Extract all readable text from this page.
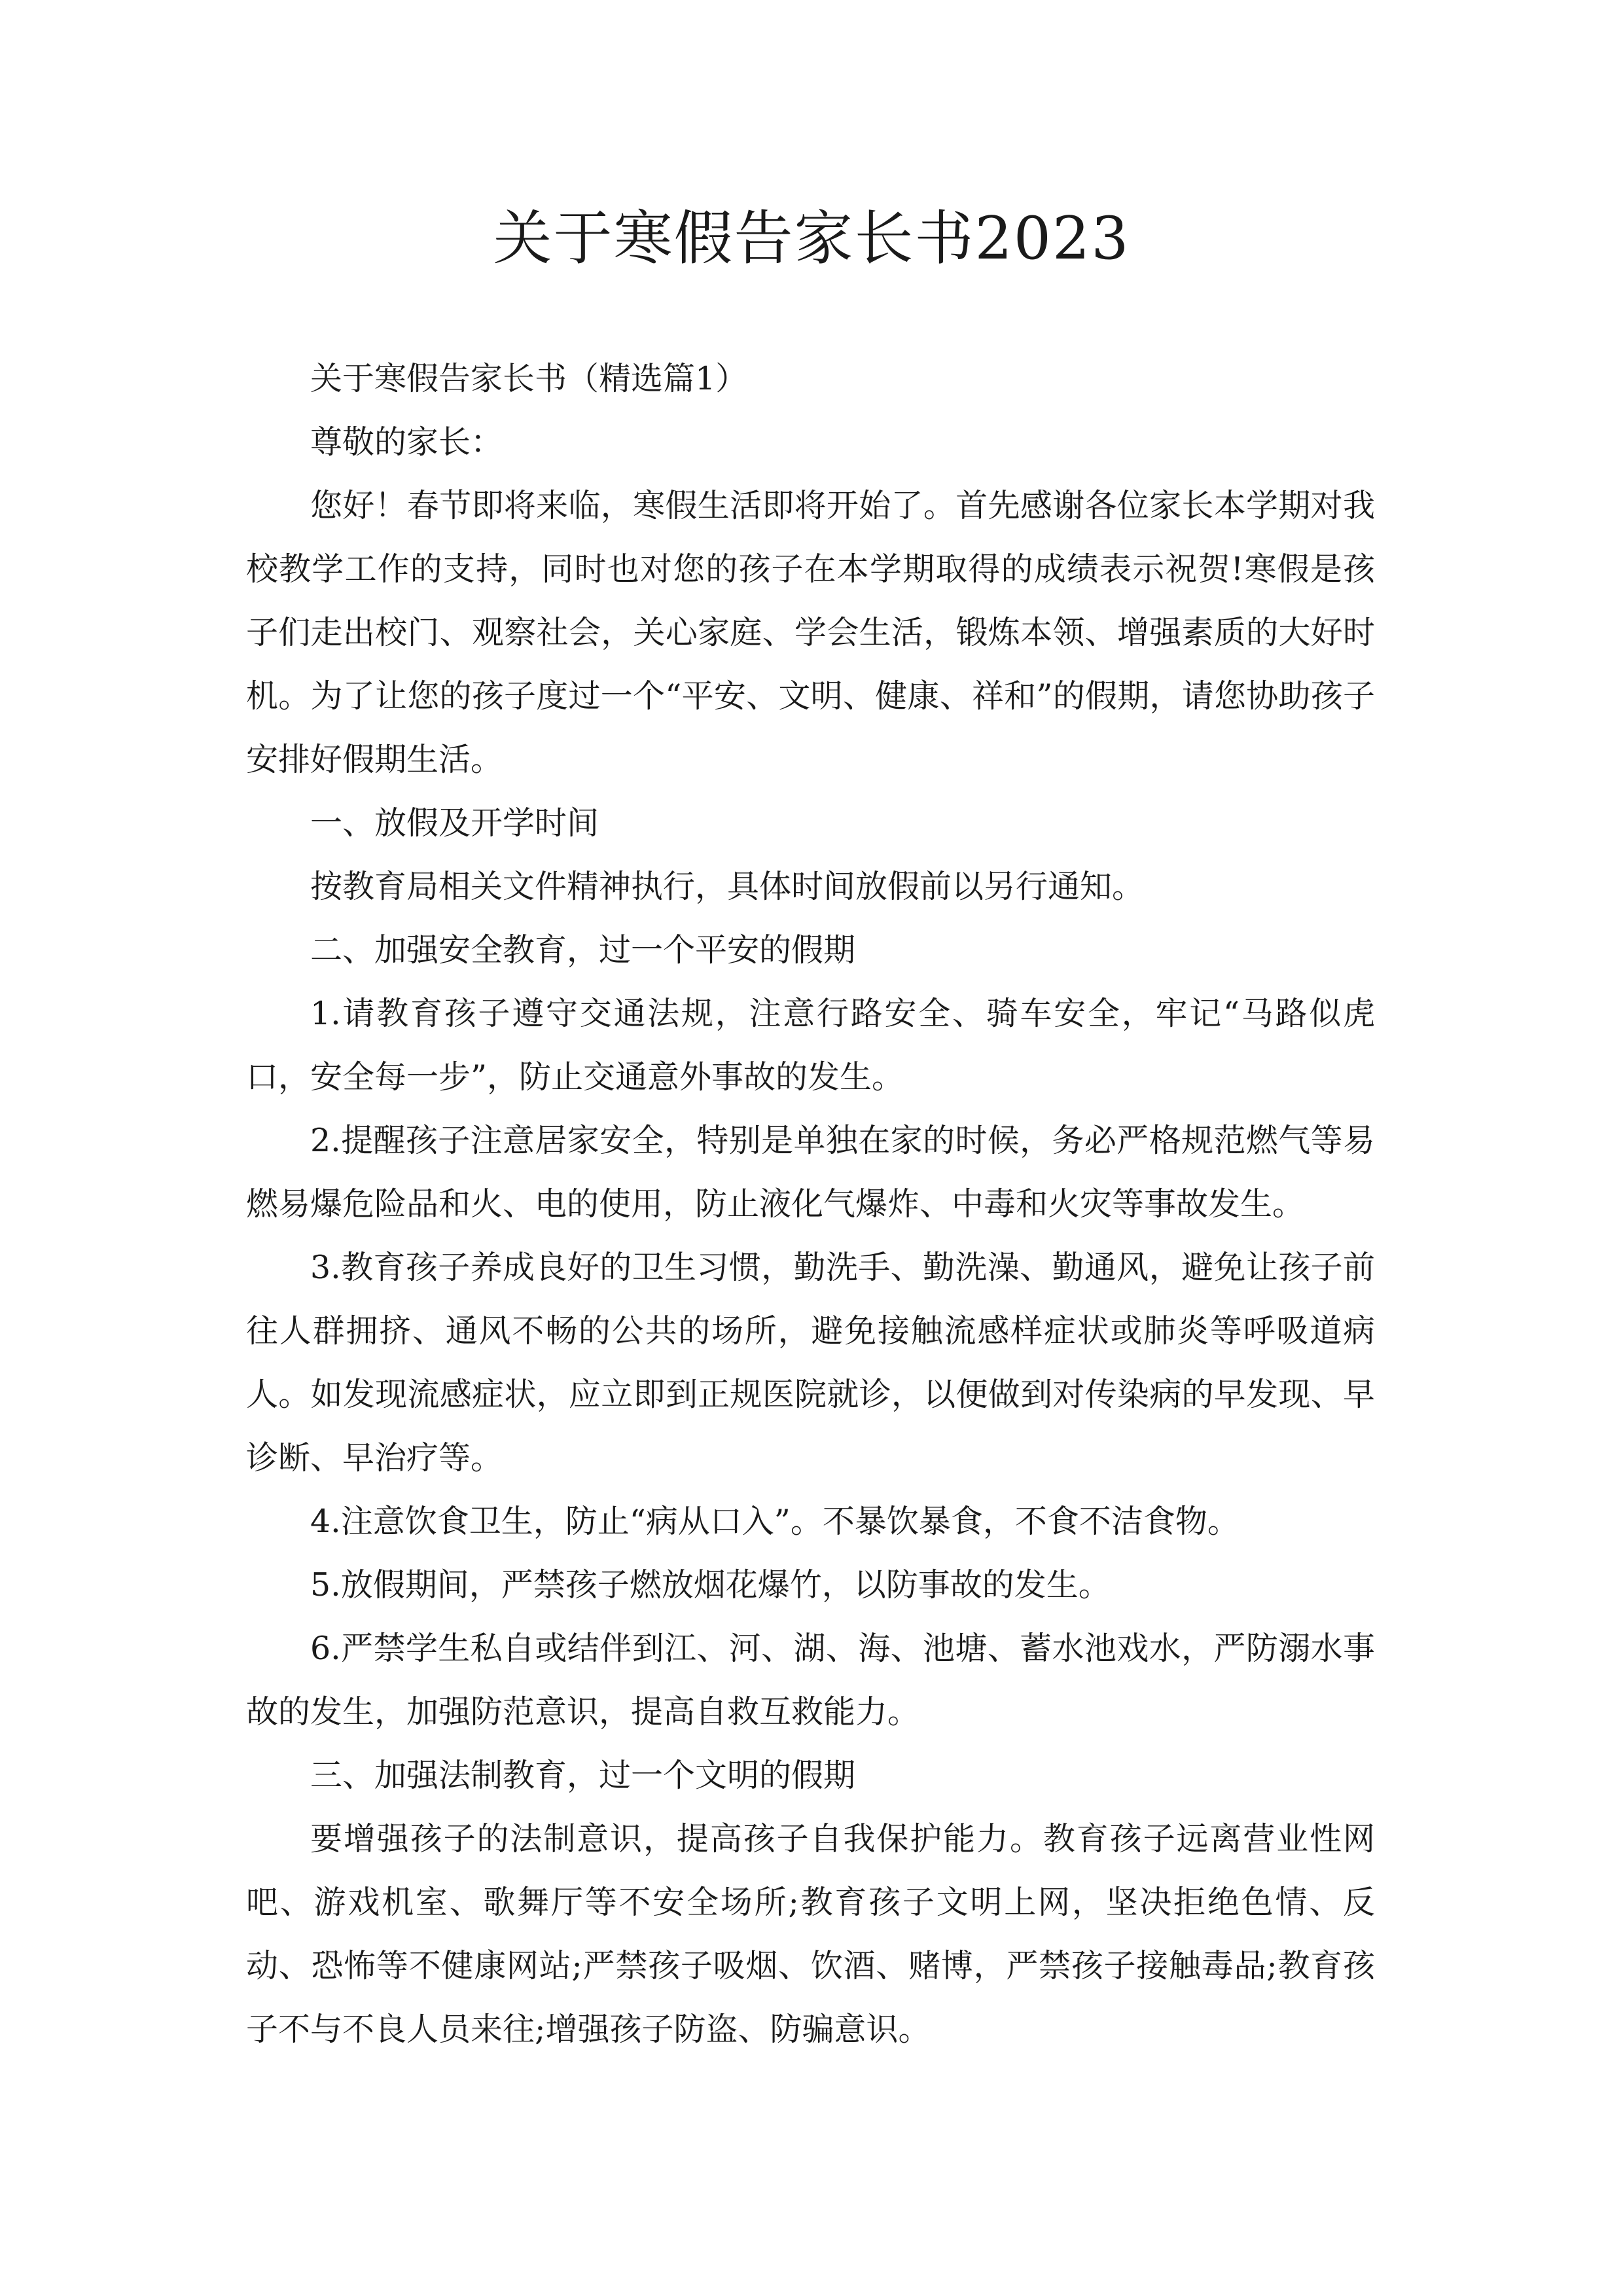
关于寒假告家长书2023

关于寒假告家长书（精选篇1）

尊敬的家长：

您好！春节即将来临，寒假生活即将开始了。首先感谢各位家长本学期对我校教学工作的支持，同时也对您的孩子在本学期取得的成绩表示祝贺!寒假是孩子们走出校门、观察社会，关心家庭、学会生活，锻炼本领、增强素质的大好时机。为了让您的孩子度过一个“平安、文明、健康、祥和”的假期，请您协助孩子安排好假期生活。

一、放假及开学时间

按教育局相关文件精神执行，具体时间放假前以另行通知。

二、加强安全教育，过一个平安的假期

1.请教育孩子遵守交通法规，注意行路安全、骑车安全，牢记“马路似虎口，安全每一步”，防止交通意外事故的发生。

2.提醒孩子注意居家安全，特别是单独在家的时候，务必严格规范燃气等易燃易爆危险品和火、电的使用，防止液化气爆炸、中毒和火灾等事故发生。

3.教育孩子养成良好的卫生习惯，勤洗手、勤洗澡、勤通风，避免让孩子前往人群拥挤、通风不畅的公共的场所，避免接触流感样症状或肺炎等呼吸道病人。如发现流感症状，应立即到正规医院就诊，以便做到对传染病的早发现、早诊断、早治疗等。

4.注意饮食卫生，防止“病从口入”。不暴饮暴食，不食不洁食物。

5.放假期间，严禁孩子燃放烟花爆竹，以防事故的发生。

6.严禁学生私自或结伴到江、河、湖、海、池塘、蓄水池戏水，严防溺水事故的发生，加强防范意识，提高自救互救能力。

三、加强法制教育，过一个文明的假期

要增强孩子的法制意识，提高孩子自我保护能力。教育孩子远离营业性网吧、游戏机室、歌舞厅等不安全场所;教育孩子文明上网，坚决拒绝色情、反动、恐怖等不健康网站;严禁孩子吸烟、饮酒、赌博，严禁孩子接触毒品;教育孩子不与不良人员来往;增强孩子防盗、防骗意识。
